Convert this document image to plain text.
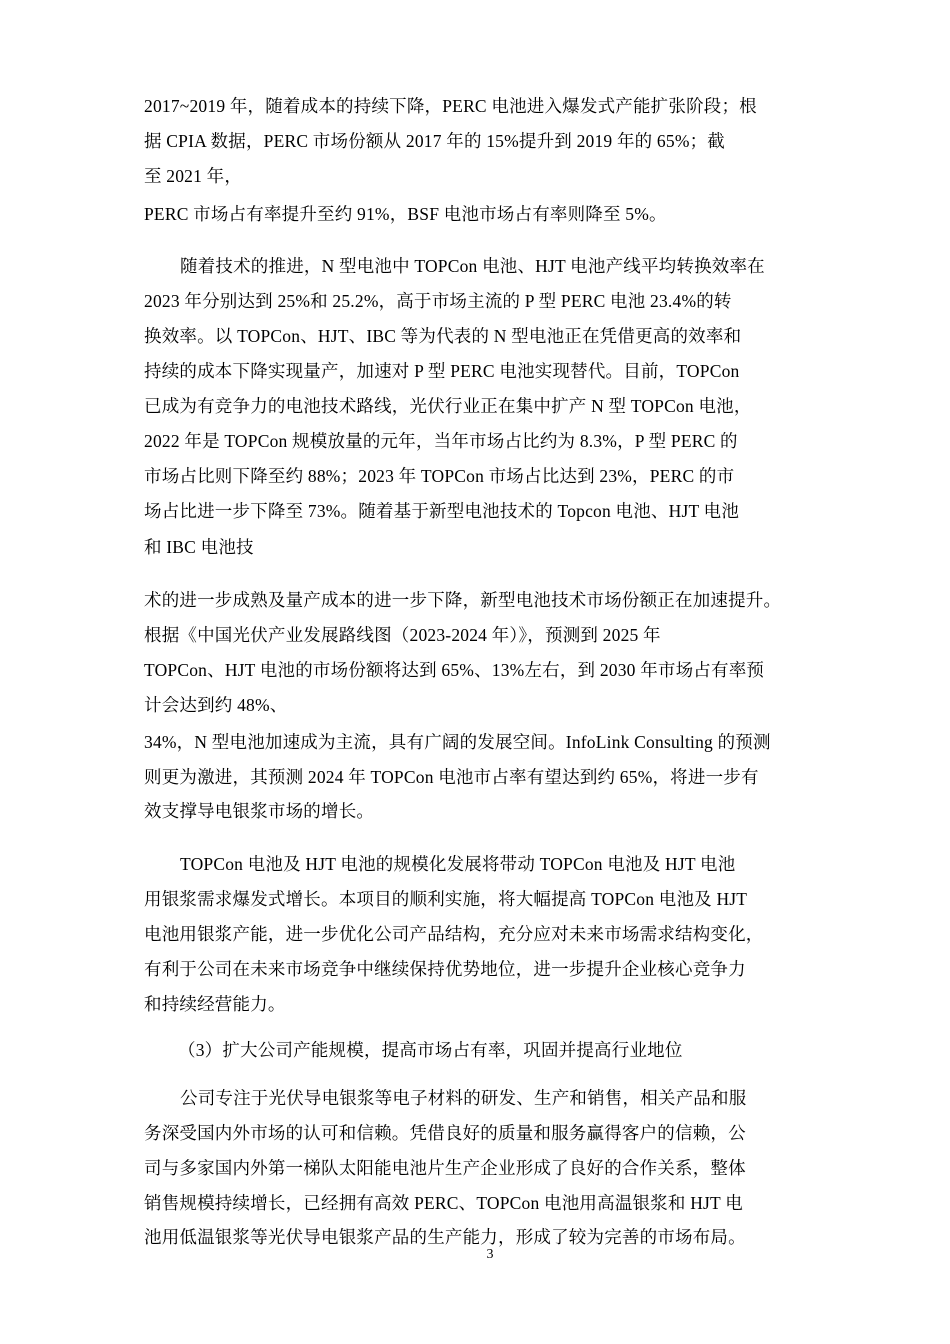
2017~2019 年，随着成本的持续下降，PERC 电池进入爆发式产能扩张阶段；根
据 CPIA 数据，PERC 市场份额从 2017 年的 15%提升到 2019 年的 65%；截
至 2021 年，
PERC 市场占有率提升至约 91%，BSF 电池市场占有率则降至 5%。
随着技术的推进，N 型电池中 TOPCon 电池、HJT 电池产线平均转换效率在
2023 年分别达到 25%和 25.2%，高于市场主流的 P 型 PERC 电池 23.4%的转
换效率。以 TOPCon、HJT、IBC 等为代表的 N 型电池正在凭借更高的效率和
持续的成本下降实现量产，加速对 P 型 PERC 电池实现替代。目前，TOPCon
已成为有竞争力的电池技术路线，光伏行业正在集中扩产 N 型 TOPCon 电池，
2022 年是 TOPCon 规模放量的元年，当年市场占比约为 8.3%，P 型 PERC 的
市场占比则下降至约 88%；2023 年 TOPCon 市场占比达到 23%，PERC 的市
场占比进一步下降至 73%。随着基于新型电池技术的 Topcon 电池、HJT 电池
和 IBC 电池技
术的进一步成熟及量产成本的进一步下降，新型电池技术市场份额正在加速提升。
根据《中国光伏产业发展路线图（2023-2024 年）》，预测到 2025 年
TOPCon、HJT 电池的市场份额将达到 65%、13%左右，到 2030 年市场占有率预
计会达到约 48%、
34%，N 型电池加速成为主流，具有广阔的发展空间。InfoLink Consulting 的预测
则更为激进，其预测 2024 年 TOPCon 电池市占率有望达到约 65%，将进一步有
效支撑导电银浆市场的增长。
TOPCon 电池及 HJT 电池的规模化发展将带动 TOPCon 电池及 HJT 电池
用银浆需求爆发式增长。本项目的顺利实施，将大幅提高 TOPCon 电池及 HJT
电池用银浆产能，进一步优化公司产品结构，充分应对未来市场需求结构变化，
有利于公司在未来市场竞争中继续保持优势地位，进一步提升企业核心竞争力
和持续经营能力。
（3）扩大公司产能规模，提高市场占有率，巩固并提高行业地位
公司专注于光伏导电银浆等电子材料的研发、生产和销售，相关产品和服
务深受国内外市场的认可和信赖。凭借良好的质量和服务赢得客户的信赖，公
司与多家国内外第一梯队太阳能电池片生产企业形成了良好的合作关系，整体
销售规模持续增长，已经拥有高效 PERC、TOPCon 电池用高温银浆和 HJT 电
池用低温银浆等光伏导电银浆产品的生产能力，形成了较为完善的市场布局。
3
